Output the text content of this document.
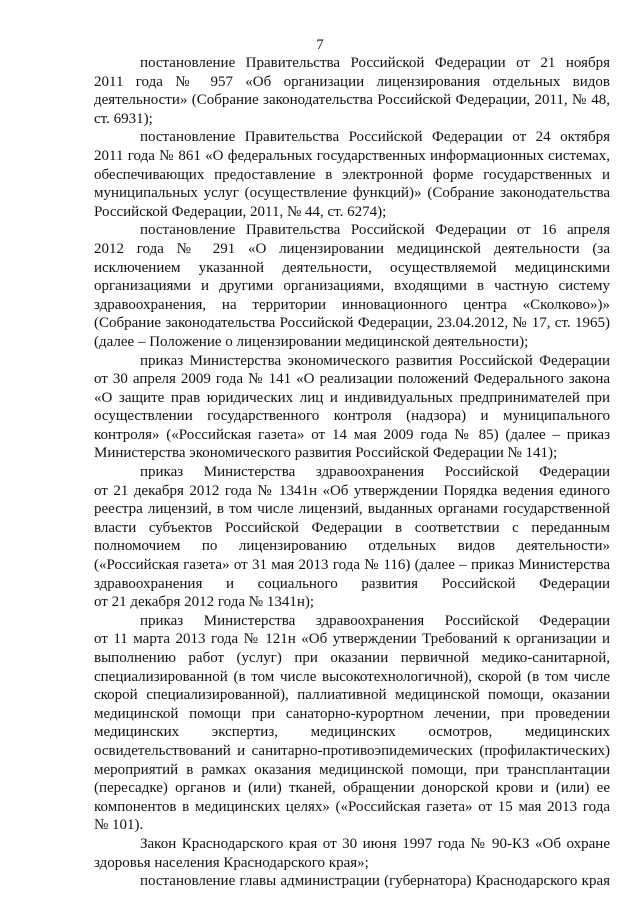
7
постановление Правительства Российской Федерации от 21 ноября
2011 года № 957 «Об организации лицензирования отдельных видов
деятельности» (Собрание законодательства Российской Федерации, 2011, № 48,
ст. 6931);
постановление Правительства Российской Федерации от 24 октября
2011 года № 861 «О федеральных государственных информационных системах,
обеспечивающих предоставление в электронной форме государственных и
муниципальных услуг (осуществление функций)» (Собрание законодательства
Российской Федерации, 2011, № 44, ст. 6274);
постановление Правительства Российской Федерации от 16 апреля
2012 года № 291 «О лицензировании медицинской деятельности (за
исключением указанной деятельности, осуществляемой медицинскими
организациями и другими организациями, входящими в частную систему
здравоохранения, на территории инновационного центра «Сколково»)»
(Собрание законодательства Российской Федерации, 23.04.2012, № 17, ст. 1965)
(далее – Положение о лицензировании медицинской деятельности);
приказ Министерства экономического развития Российской Федерации
от 30 апреля 2009 года № 141 «О реализации положений Федерального закона
«О защите прав юридических лиц и индивидуальных предпринимателей при
осуществлении государственного контроля (надзора) и муниципального
контроля» («Российская газета» от 14 мая 2009 года № 85) (далее – приказ
Министерства экономического развития Российской Федерации № 141);
приказ Министерства здравоохранения Российской Федерации
от 21 декабря 2012 года № 1341н «Об утверждении Порядка ведения единого
реестра лицензий, в том числе лицензий, выданных органами государственной
власти субъектов Российской Федерации в соответствии с переданным
полномочием по лицензированию отдельных видов деятельности»
(«Российская газета» от 31 мая 2013 года № 116) (далее – приказ Министерства
здравоохранения и социального развития Российской Федерации
от 21 декабря 2012 года № 1341н);
приказ Министерства здравоохранения Российской Федерации
от 11 марта 2013 года № 121н «Об утверждении Требований к организации и
выполнению работ (услуг) при оказании первичной медико-санитарной,
специализированной (в том числе высокотехнологичной), скорой (в том числе
скорой специализированной), паллиативной медицинской помощи, оказании
медицинской помощи при санаторно-курортном лечении, при проведении
медицинских экспертиз, медицинских осмотров, медицинских
освидетельствований и санитарно-противоэпидемических (профилактических)
мероприятий в рамках оказания медицинской помощи, при трансплантации
(пересадке) органов и (или) тканей, обращении донорской крови и (или) ее
компонентов в медицинских целях» («Российская газета» от 15 мая 2013 года
№ 101).
Закон Краснодарского края от 30 июня 1997 года № 90-КЗ «Об охране
здоровья населения Краснодарского края»;
постановление главы администрации (губернатора) Краснодарского края
